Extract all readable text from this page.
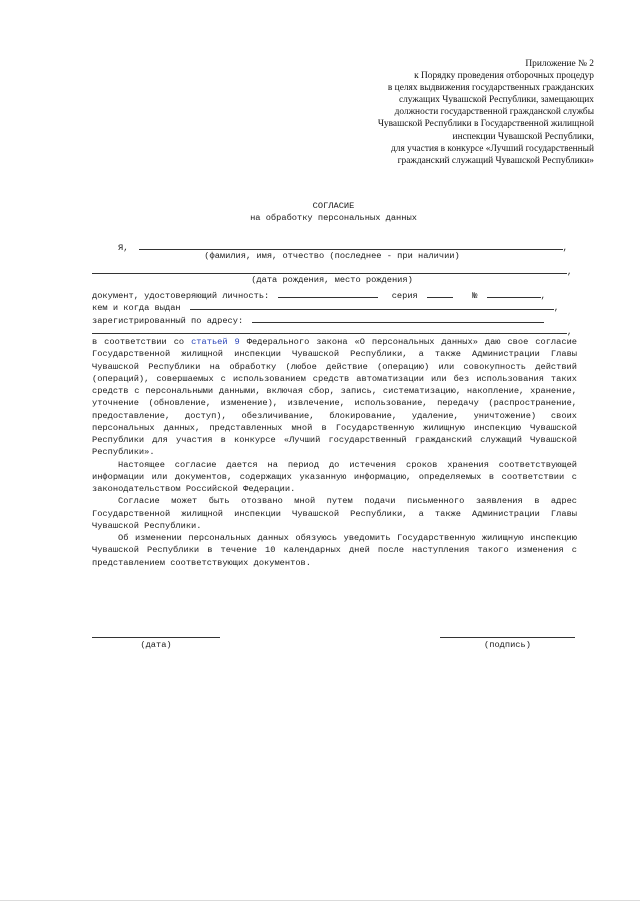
Приложение № 2
к Порядку проведения отборочных процедур
в целях выдвижения государственных гражданских
служащих Чувашской Республики, замещающих
должности государственной гражданской службы
Чувашской Республики в Государственной жилищной
инспекции Чувашской Республики,
для участия в конкурсе «Лучший государственный
гражданский служащий Чувашской Республики»
СОГЛАСИЕ
на обработку персональных данных
Я,	,
(фамилия, имя, отчество (последнее - при наличии)
,
(дата рождения, место рождения)
документ, удостоверяющий личность:	серия	№	,
кем и когда выдан	,
зарегистрированный по адресу:
,

в соответствии со статьей 9 Федерального закона «О персональных данных» даю свое согласие Государственной жилищной инспекции Чувашской Республики, а также Администрации Главы Чувашской Республики на обработку (любое действие (операцию) или совокупность действий (операций), совершаемых с использованием средств автоматизации или без использования таких средств с персональными данными, включая сбор, запись, систематизацию, накопление, хранение, уточнение (обновление, изменение), извлечение, использование, передачу (распространение, предоставление, доступ), обезличивание, блокирование, удаление, уничтожение) своих персональных данных, представленных мной в Государственную жилищную инспекцию Чувашской Республики для участия в конкурсе «Лучший государственный гражданский служащий Чувашской Республики».

Настоящее согласие дается на период до истечения сроков хранения соответствующей информации или документов, содержащих указанную информацию, определяемых в соответствии с законодательством Российской Федерации.

Согласие может быть отозвано мной путем подачи письменного заявления в адрес Государственной жилищной инспекции Чувашской Республики, а также Администрации Главы Чувашской Республики.

Об изменении персональных данных обязуюсь уведомить Государственную жилищную инспекцию Чувашской Республики в течение 10 календарных дней после наступления такого изменения с представлением соответствующих документов.

(дата)	(подпись)
